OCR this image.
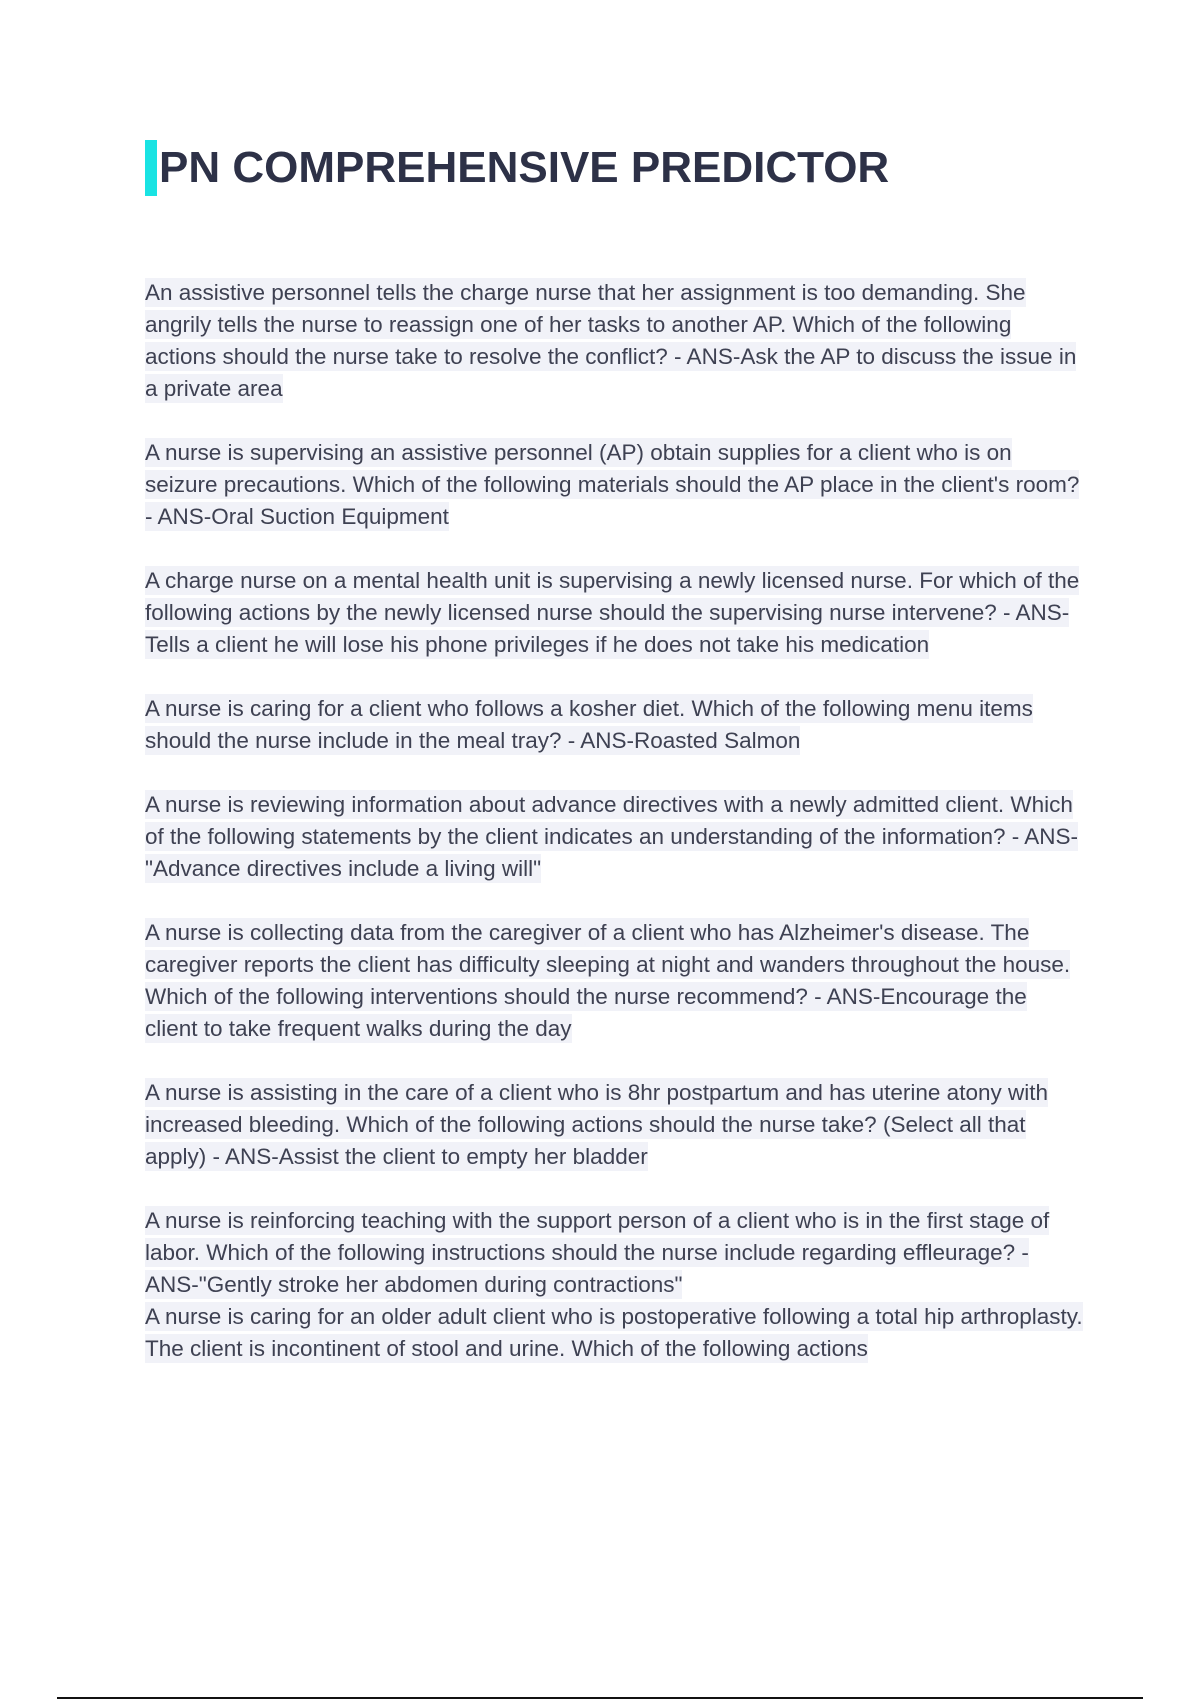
PN COMPREHENSIVE PREDICTOR

An assistive personnel tells the charge nurse that her assignment is too demanding. She angrily tells the nurse to reassign one of her tasks to another AP. Which of the following actions should the nurse take to resolve the conflict? - ANS-Ask the AP to discuss the issue in a private area

A nurse is supervising an assistive personnel (AP) obtain supplies for a client who is on seizure precautions. Which of the following materials should the AP place in the client's room? - ANS-Oral Suction Equipment

A charge nurse on a mental health unit is supervising a newly licensed nurse. For which of the following actions by the newly licensed nurse should the supervising nurse intervene? - ANS-Tells a client he will lose his phone privileges if he does not take his medication

A nurse is caring for a client who follows a kosher diet. Which of the following menu items should the nurse include in the meal tray? - ANS-Roasted Salmon

A nurse is reviewing information about advance directives with a newly admitted client. Which of the following statements by the client indicates an understanding of the information? - ANS-"Advance directives include a living will"

A nurse is collecting data from the caregiver of a client who has Alzheimer's disease. The caregiver reports the client has difficulty sleeping at night and wanders throughout the house. Which of the following interventions should the nurse recommend? - ANS-Encourage the client to take frequent walks during the day

A nurse is assisting in the care of a client who is 8hr postpartum and has uterine atony with increased bleeding. Which of the following actions should the nurse take? (Select all that apply) - ANS-Assist the client to empty her bladder

A nurse is reinforcing teaching with the support person of a client who is in the first stage of labor. Which of the following instructions should the nurse include regarding effleurage? - ANS-"Gently stroke her abdomen during contractions"

A nurse is caring for an older adult client who is postoperative following a total hip arthroplasty. The client is incontinent of stool and urine. Which of the following actions
